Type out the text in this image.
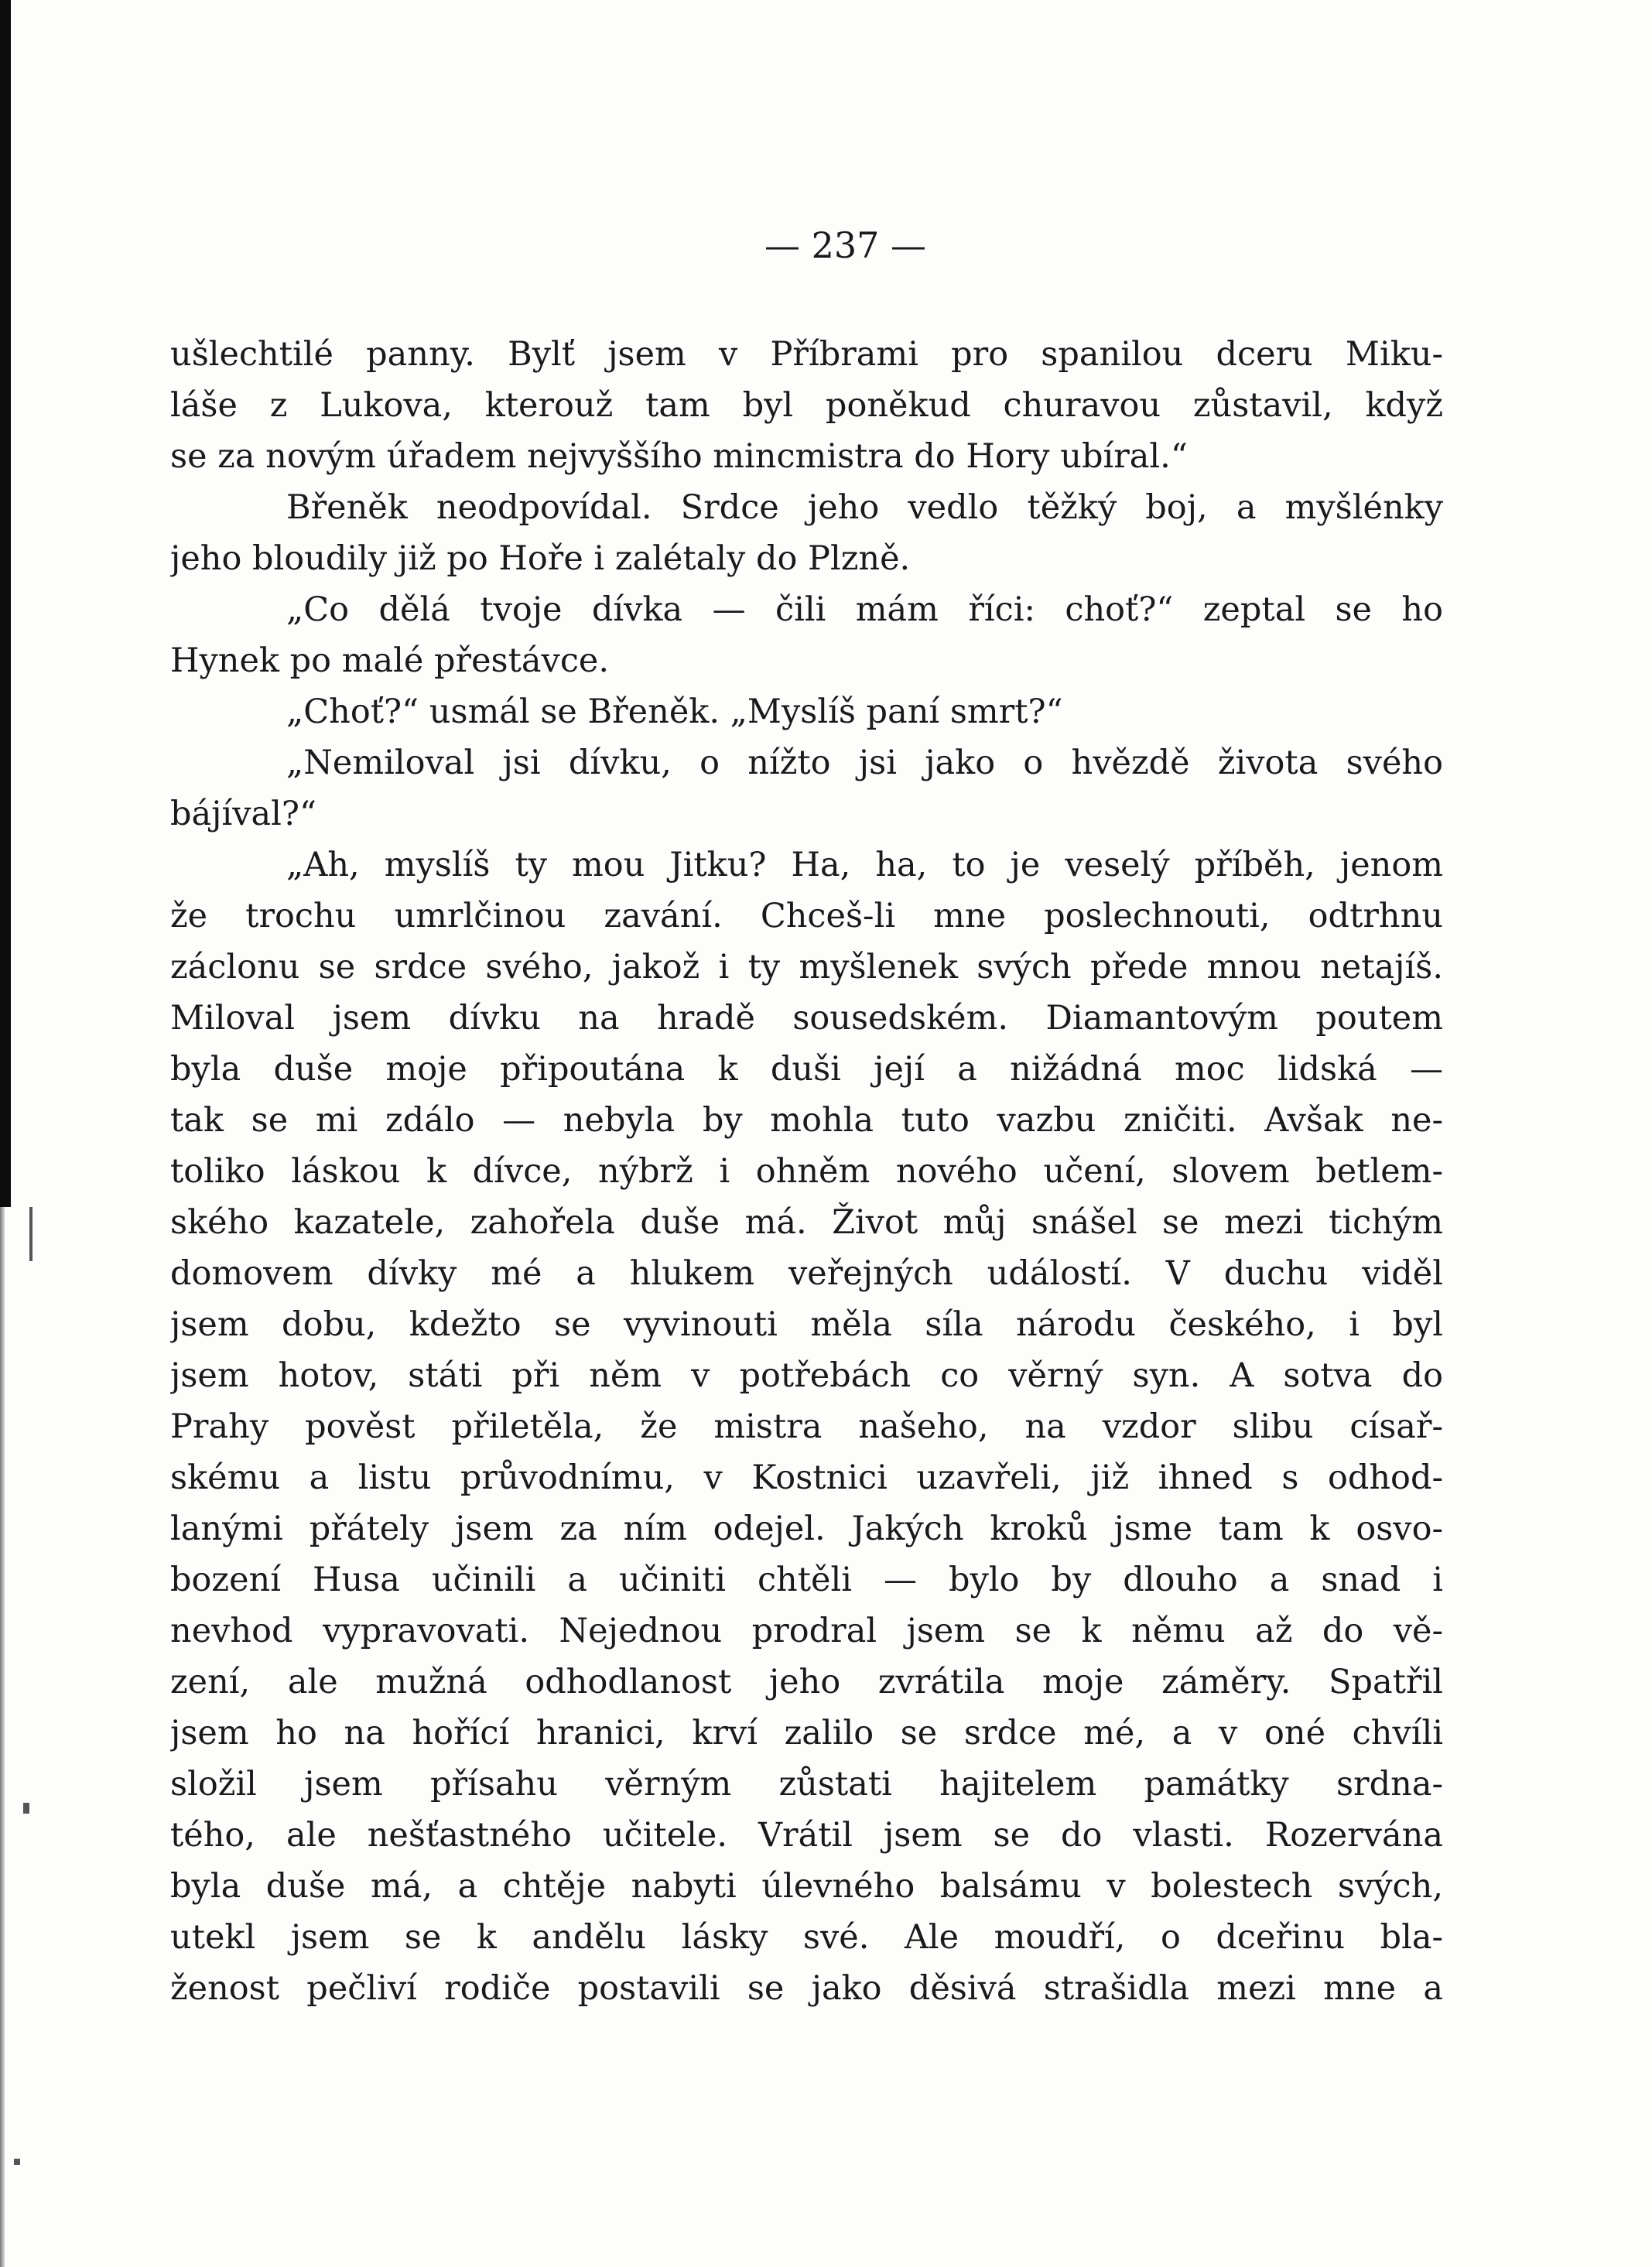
— 237 —
ušlechtilé panny. Bylť jsem v Příbrami pro spanilou dceru Miku-
láše z Lukova, kterouž tam byl poněkud churavou zůstavil, když
se za novým úřadem nejvyššího mincmistra do Hory ubíral.“
Břeněk neodpovídal. Srdce jeho vedlo těžký boj, a myšlénky
jeho bloudily již po Hoře i zalétaly do Plzně.
„Co dělá tvoje dívka — čili mám říci: choť?“ zeptal se ho
Hynek po malé přestávce.
„Choť?“ usmál se Břeněk. „Myslíš paní smrt?“
„Nemiloval jsi dívku, o nížto jsi jako o hvězdě života svého
bájíval?“
„Ah, myslíš ty mou Jitku? Ha, ha, to je veselý příběh, jenom
že trochu umrlčinou zavání. Chceš-li mne poslechnouti, odtrhnu
záclonu se srdce svého, jakož i ty myšlenek svých přede mnou netajíš.
Miloval jsem dívku na hradě sousedském. Diamantovým poutem
byla duše moje připoutána k duši její a nižádná moc lidská —
tak se mi zdálo — nebyla by mohla tuto vazbu zničiti. Avšak ne-
toliko láskou k dívce, nýbrž i ohněm nového učení, slovem betlem-
ského kazatele, zahořela duše má. Život můj snášel se mezi tichým
domovem dívky mé a hlukem veřejných událostí. V duchu viděl
jsem dobu, kdežto se vyvinouti měla síla národu českého, i byl
jsem hotov, státi při něm v potřebách co věrný syn. A sotva do
Prahy pověst přiletěla, že mistra našeho, na vzdor slibu císař-
skému a listu průvodnímu, v Kostnici uzavřeli, již ihned s odhod-
lanými přátely jsem za ním odejel. Jakých kroků jsme tam k osvo-
bození Husa učinili a učiniti chtěli — bylo by dlouho a snad i
nevhod vypravovati. Nejednou prodral jsem se k němu až do vě-
zení, ale mužná odhodlanost jeho zvrátila moje záměry. Spatřil
jsem ho na hořící hranici, krví zalilo se srdce mé, a v oné chvíli
složil jsem přísahu věrným zůstati hajitelem památky srdna-
tého, ale nešťastného učitele. Vrátil jsem se do vlasti. Rozervána
byla duše má, a chtěje nabyti úlevného balsámu v bolestech svých,
utekl jsem se k andělu lásky své. Ale moudří, o dceřinu bla-
ženost pečliví rodiče postavili se jako děsivá strašidla mezi mne a
